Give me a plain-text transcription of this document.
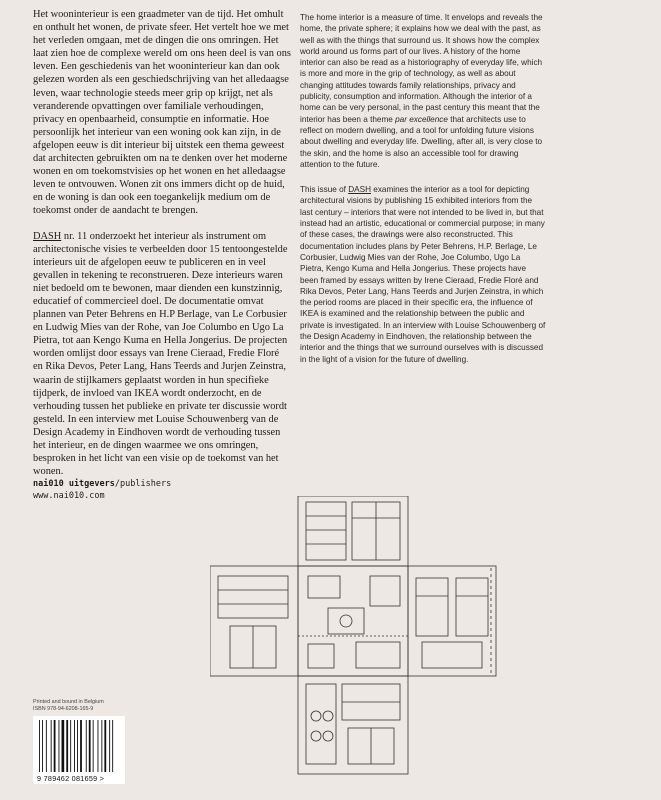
Het wooninterieur is een graadmeter van de tijd. Het omhult en onthult het wonen, de private sfeer. Het vertelt hoe we met het verleden omgaan, met de dingen die ons omringen. Het laat zien hoe de complexe wereld om ons heen deel is van ons leven. Een geschiedenis van het wooninterieur kan dan ook gelezen worden als een geschiedschrijving van het alledaagse leven, waar technologie steeds meer grip op krijgt, net als veranderende opvattingen over familiale verhoudingen, privacy en openbaarheid, consumptie en informatie. Hoe persoonlijk het interieur van een woning ook kan zijn, in de afgelopen eeuw is dit interieur bij uitstek een thema geweest dat architecten gebruikten om na te denken over het moderne wonen en om toekomstvisies op het wonen en het alledaagse leven te ontvouwen. Wonen zit ons immers dicht op de huid, en de woning is dan ook een toegankelijk medium om de toekomst onder de aandacht te brengen.

DASH nr. 11 onderzoekt het interieur als instrument om architectonische visies te verbeelden door 15 tentoongestelde interieurs uit de afgelopen eeuw te publiceren en in veel gevallen in tekening te reconstrueren. Deze interieurs waren niet bedoeld om te bewonen, maar dienden een kunstzinnig, educatief of commercieel doel. De documentatie omvat plannen van Peter Behrens en H.P Berlage, van Le Corbusier en Ludwig Mies van der Rohe, van Joe Columbo en Ugo La Pietra, tot aan Kengo Kuma en Hella Jongerius. De projecten worden omlijst door essays van Irene Cieraad, Fredie Floré en Rika Devos, Peter Lang, Hans Teerds and Jurjen Zeinstra, waarin de stijlkamers geplaatst worden in hun specifieke tijdperk, de invloed van IKEA wordt onderzocht, en de verhouding tussen het publieke en private ter discussie wordt gesteld. In een interview met Louise Schouwenberg van de Design Academy in Eindhoven wordt de verhouding tussen het interieur, en de dingen waarmee we ons omringen, besproken in het licht van een visie op de toekomst van het wonen.

The home interior is a measure of time. It envelops and reveals the home, the private sphere; it explains how we deal with the past, as well as with the things that surround us. It shows how the complex world around us forms part of our lives. A history of the home interior can also be read as a historiography of everyday life, which is more and more in the grip of technology, as well as about changing attitudes towards family relationships, privacy and publicity, consumption and information. Although the interior of a home can be very personal, in the past century this meant that the interior has been a theme par excellence that architects use to reflect on modern dwelling, and a tool for unfolding future visions about dwelling and everyday life. Dwelling, after all, is very close to the skin, and the home is also an accessible tool for drawing attention to the future.

This issue of DASH examines the interior as a tool for depicting architectural visions by publishing 15 exhibited interiors from the last century – interiors that were not intended to be lived in, but that instead had an artistic, educational or commercial purpose; in many of these cases, the drawings were also reconstructed. This documentation includes plans by Peter Behrens, H.P. Berlage, Le Corbusier, Ludwig Mies van der Rohe, Joe Columbo, Ugo La Pietra, Kengo Kuma and Hella Jongerius. These projects have been framed by essays written by Irene Cieraad, Fredie Floré and Rika Devos, Peter Lang, Hans Teerds and Jurjen Zeinstra, in which the period rooms are placed in their specific era, the influence of IKEA is examined and the relationship between the public and private is investigated. In an interview with Louise Schouwenberg of the Design Academy in Eindhoven, the relationship between the interior and the things that we surround ourselves with is discussed in the light of a vision for the future of dwelling.

nai010 uitgevers/publishers
www.nai010.com
Printed and bound in Belgium
ISBN 978-94-6208-165-9
9 789462 081659 >
